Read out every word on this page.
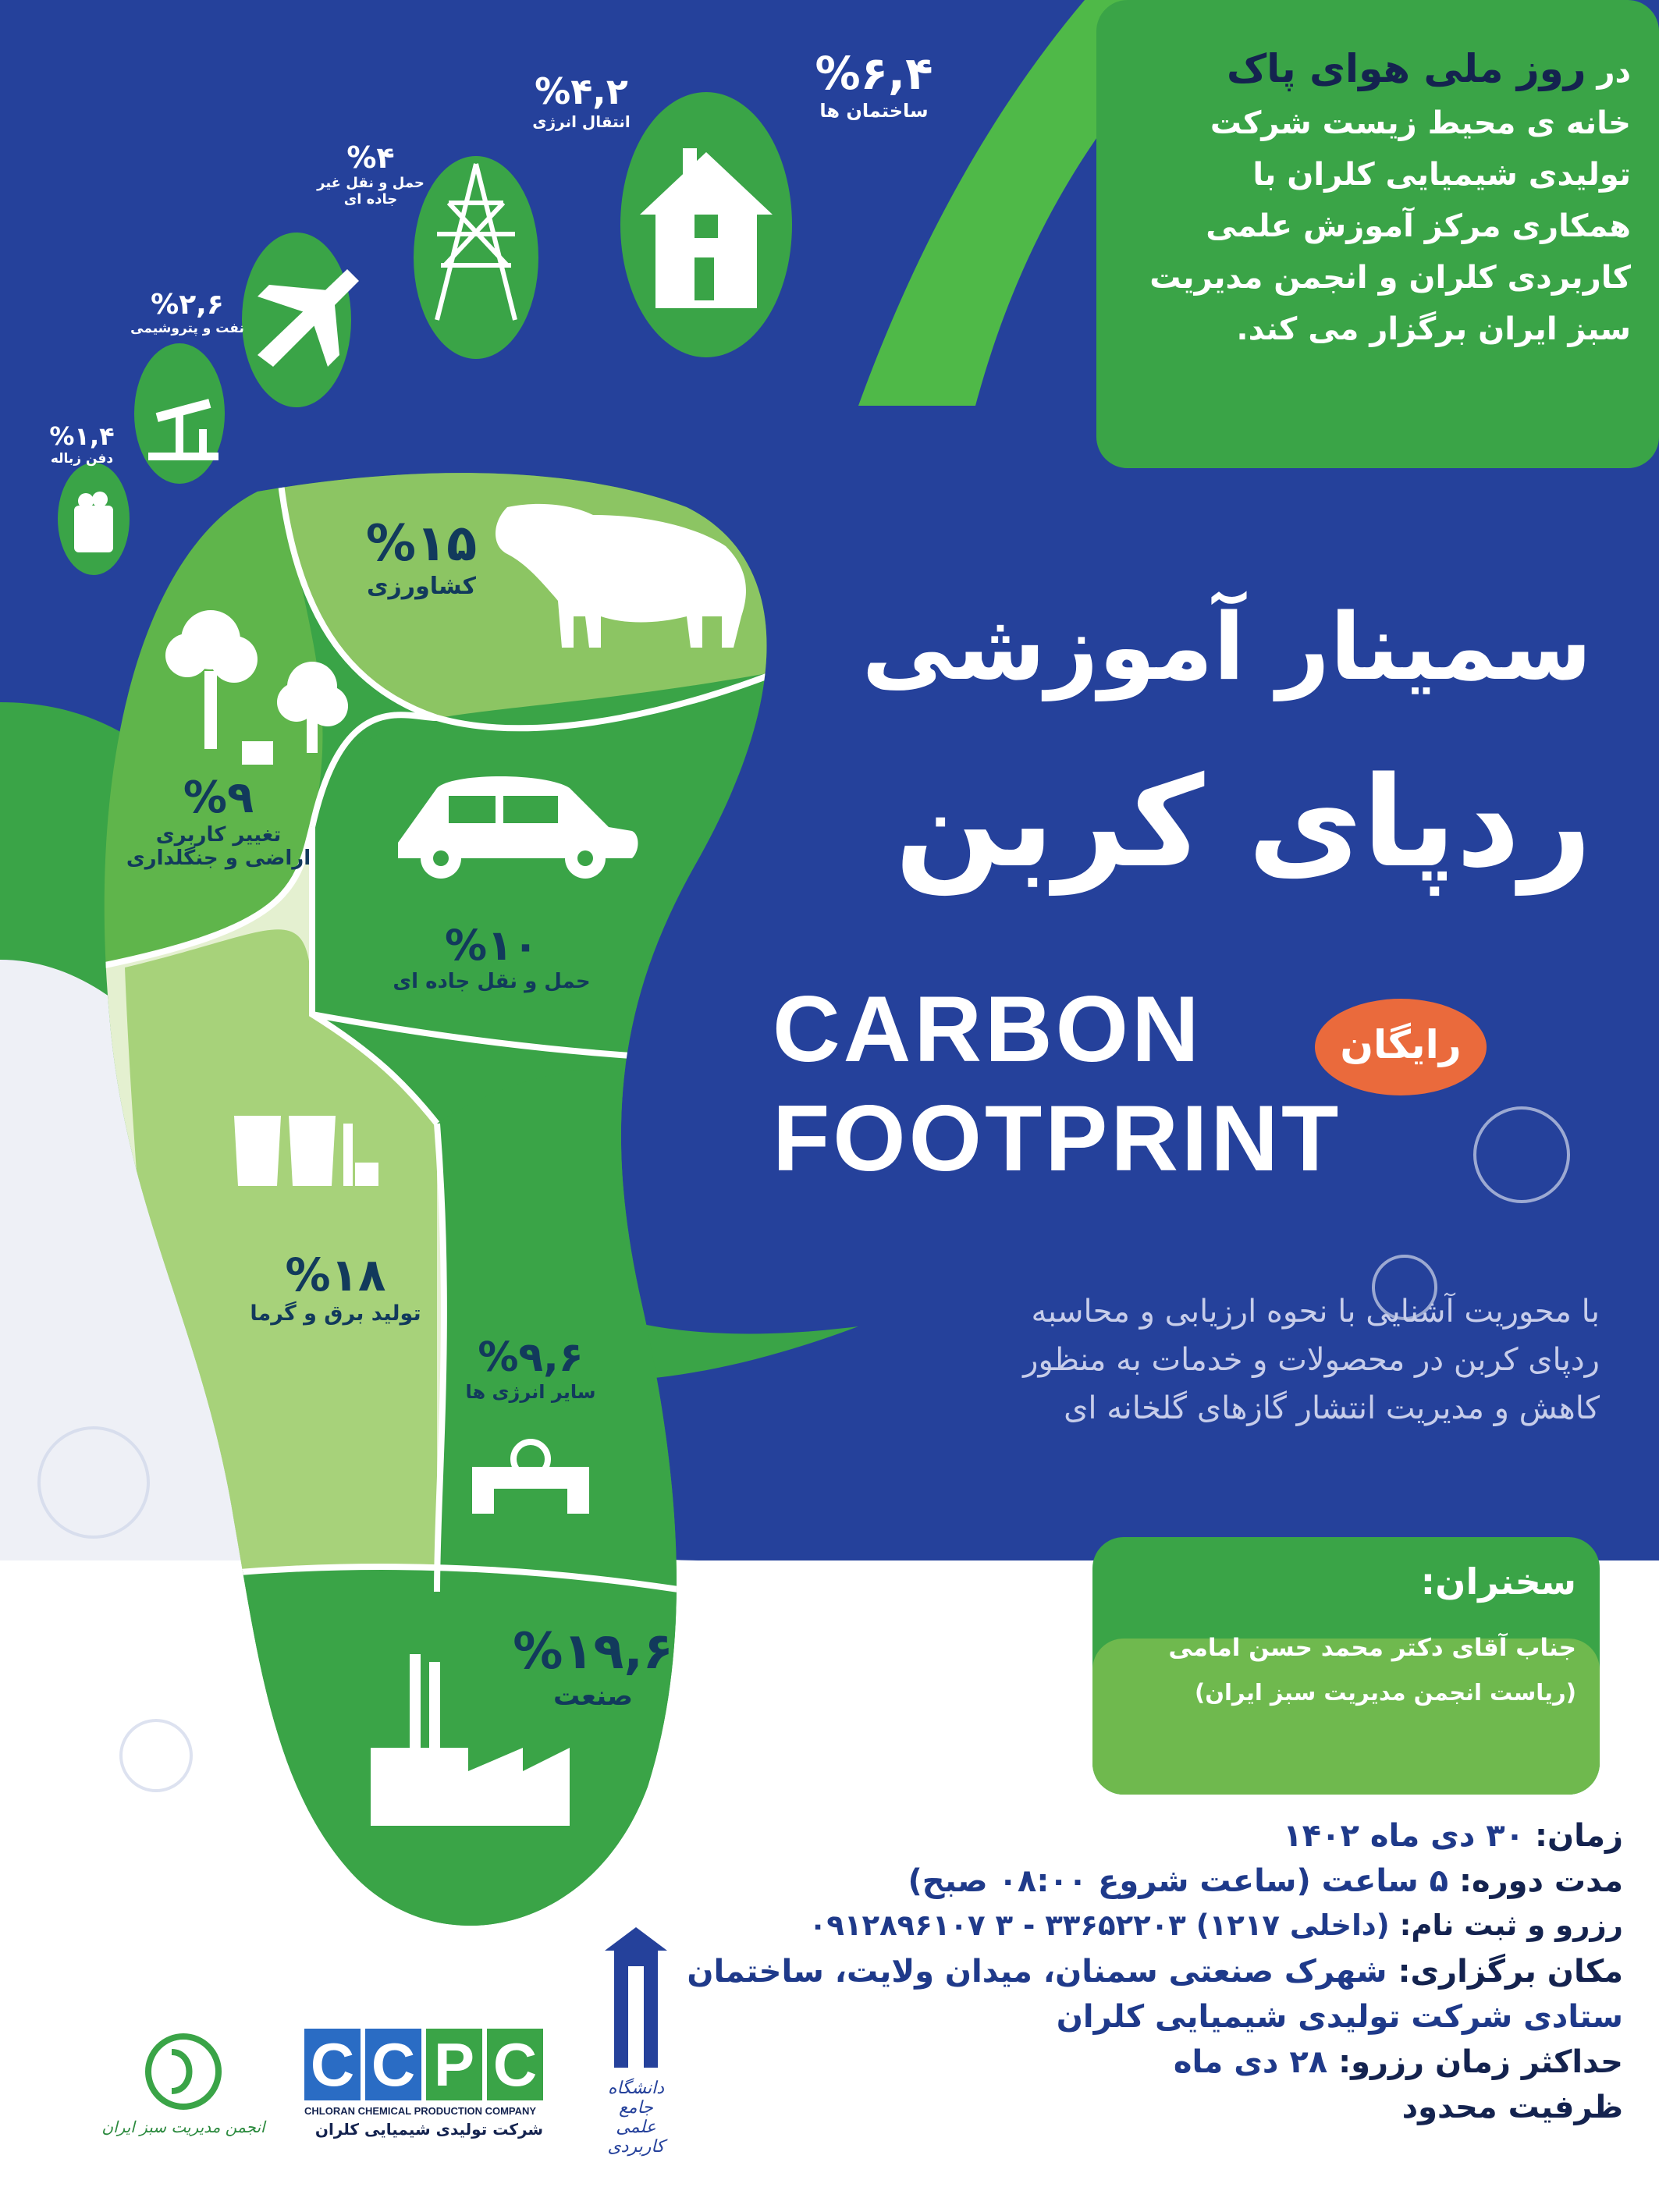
%۶,۴
ساختمان ها
%۴,۲
انتقال انرژی
%۴
حمل و نقل غیر جاده ای
%۲,۶
نفت و پتروشیمی
%۱,۴
دفن زباله
%۱۵
کشاورزی
%۹
تغییر کاربری
اراضی و جنگلداری
%۱۰
حمل و نقل جاده ای
%۱۸
تولید برق و گرما
%۹,۶
سایر انرژی ها
%۱۹,۶
صنعت
در روز ملی هوای پاک
خانه ی محیط زیست شرکت
تولیدی شیمیایی کلران با
همکاری مرکز آموزش علمی
کاربردی کلران و انجمن مدیریت
سبز ایران برگزار می کند.
سمینار آموزشی
ردپای کربن
رایگان
CARBON
FOOTPRINT
با محوریت آشنایی با نحوه ارزیابی و محاسبه
ردپای کربن در محصولات و خدمات به منظور
کاهش و مدیریت انتشار گازهای گلخانه ای
سخنران:
جناب آقای دکتر محمد حسن امامی
(ریاست انجمن مدیریت سبز ایران)
زمان: ۳۰ دی ماه ۱۴۰۲
مدت دوره: ۵ ساعت (ساعت شروع ۰۸:۰۰ صبح)
رزرو و ثبت نام: (داخلی ۱۲۱۷) ۳۳۶۵۲۲۰۳ - ۳ ۰۹۱۲۸۹۶۱۰۷
مکان برگزاری: شهرک صنعتی سمنان، میدان ولایت، ساختمان
ستادی شرکت تولیدی شیمیایی کلران
حداکثر زمان رزرو: ۲۸ دی ماه
ظرفیت محدود
انجمن مدیریت سبز ایران
C C P C
CHLORAN CHEMICAL PRODUCTION COMPANY
شرکت تولیدی شیمیایی کلران
دانشگاه جامع
علمی کاربردی
